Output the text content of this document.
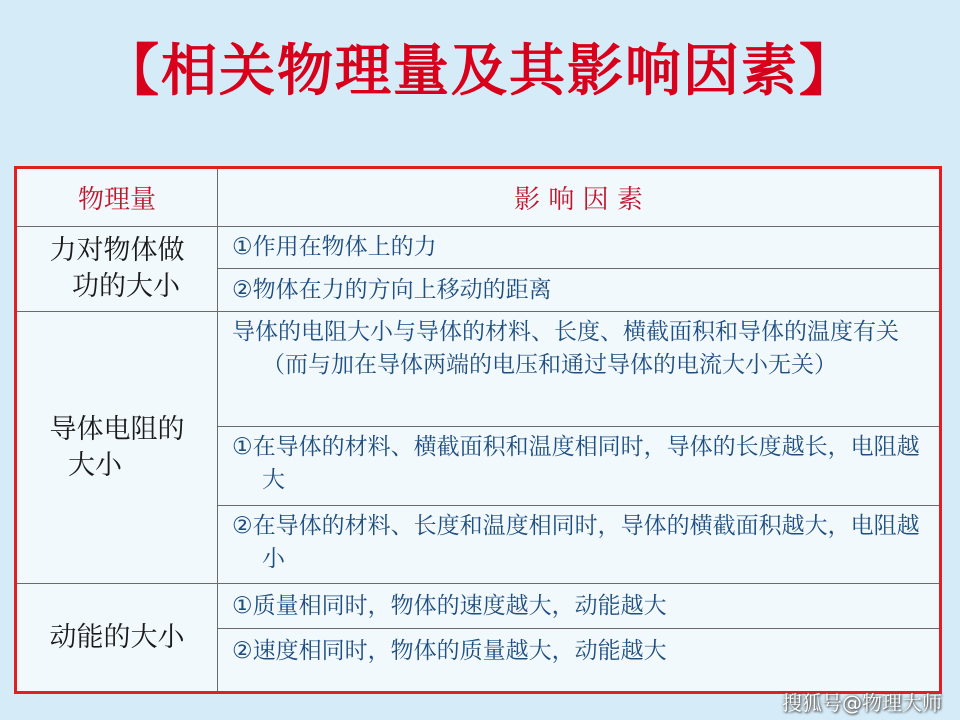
【相关物理量及其影响因素】
物理量	影 响 因 素
力对物体做
功的大小
①作用在物体上的力
②物体在力的方向上移动的距离
导体电阻的
大小
导体的电阻大小与导体的材料、长度、横截面积和导体的温度有关（而与加在导体两端的电压和通过导体的电流大小无关）
①在导体的材料、横截面积和温度相同时，导体的长度越长，电阻越大
②在导体的材料、长度和温度相同时，导体的横截面积越大，电阻越小
动能的大小
①质量相同时，物体的速度越大，动能越大
②速度相同时，物体的质量越大，动能越大
搜狐号@物理大师
